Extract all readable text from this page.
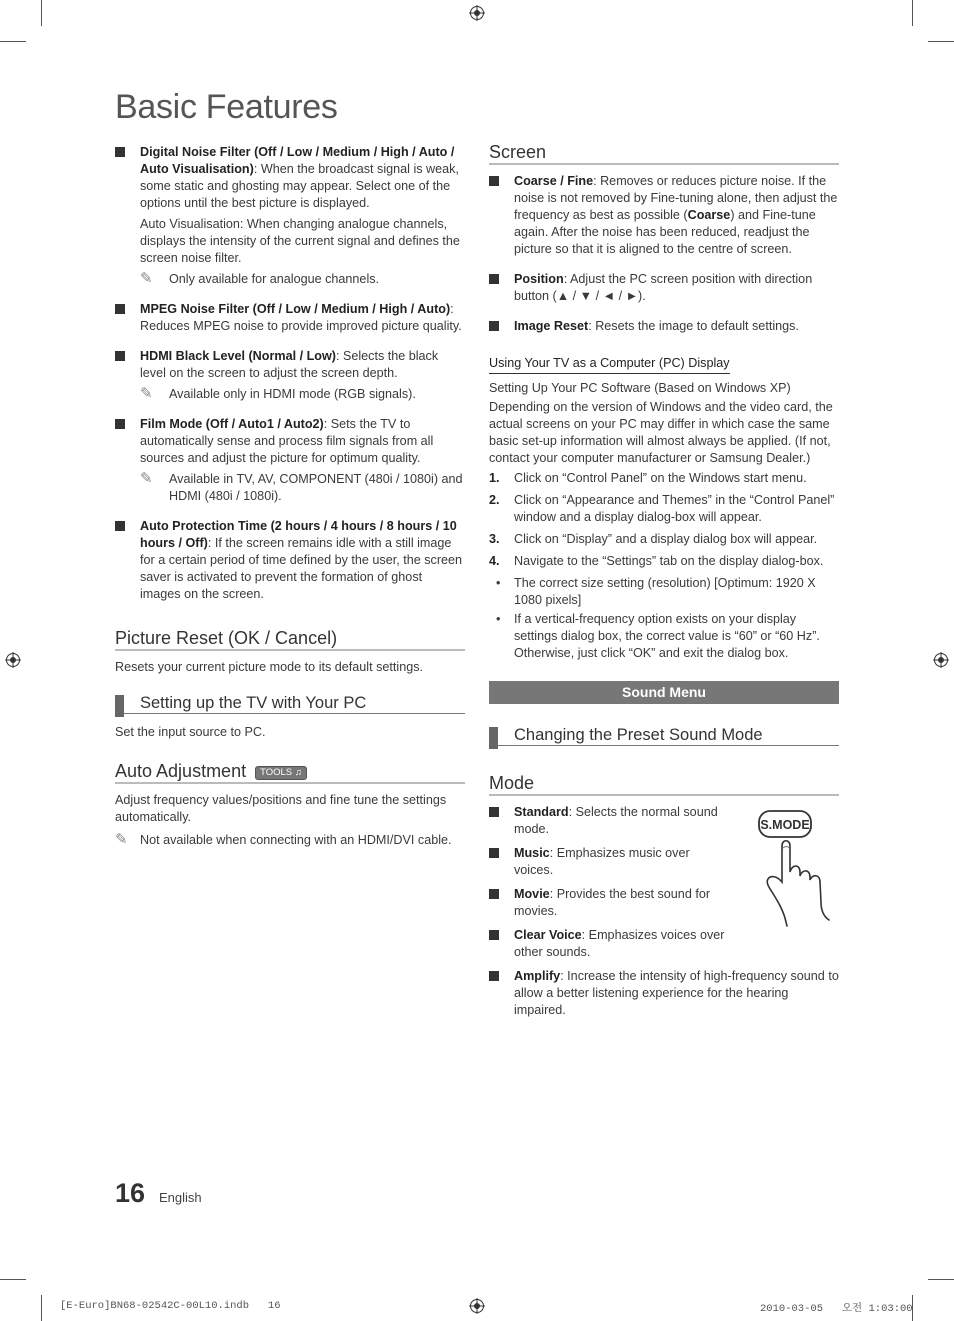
Basic Features

Digital Noise Filter (Off / Low / Medium / High / Auto / Auto Visualisation): When the broadcast signal is weak, some static and ghosting may appear. Select one of the options until the best picture is displayed.

Auto Visualisation: When changing analogue channels, displays the intensity of the current signal and defines the screen noise filter.

✎ Only available for analogue channels.

MPEG Noise Filter (Off / Low / Medium / High / Auto): Reduces MPEG noise to provide improved picture quality.

HDMI Black Level (Normal / Low): Selects the black level on the screen to adjust the screen depth.

✎ Available only in HDMI mode (RGB signals).

Film Mode (Off / Auto1 / Auto2): Sets the TV to automatically sense and process film signals from all sources and adjust the picture for optimum quality.

✎ Available in TV, AV, COMPONENT (480i / 1080i) and HDMI (480i / 1080i).

Auto Protection Time (2 hours / 4 hours / 8 hours / 10 hours / Off): If the screen remains idle with a still image for a certain period of time defined by the user, the screen saver is activated to prevent the formation of ghost images on the screen.

Picture Reset (OK / Cancel)

Resets your current picture mode to its default settings.

Setting up the TV with Your PC

Set the input source to PC.

Auto Adjustment TOOLS ♫

Adjust frequency values/positions and fine tune the settings automatically.

✎ Not available when connecting with an HDMI/DVI cable.
Screen

Coarse / Fine: Removes or reduces picture noise. If the noise is not removed by Fine-tuning alone, then adjust the frequency as best as possible (Coarse) and Fine-tune again. After the noise has been reduced, readjust the picture so that it is aligned to the centre of screen.

Position: Adjust the PC screen position with direction button (▲ / ▼ / ◄ / ►).

Image Reset: Resets the image to default settings.

Using Your TV as a Computer (PC) Display

Setting Up Your PC Software (Based on Windows XP)

Depending on the version of Windows and the video card, the actual screens on your PC may differ in which case the same basic set-up information will almost always be applied. (If not, contact your computer manufacturer or Samsung Dealer.)

1. Click on “Control Panel” on the Windows start menu.
2. Click on “Appearance and Themes” in the “Control Panel” window and a display dialog-box will appear.
3. Click on “Display” and a display dialog box will appear.
4. Navigate to the “Settings” tab on the display dialog-box.
• The correct size setting (resolution) [Optimum: 1920 X 1080 pixels]
• If a vertical-frequency option exists on your display settings dialog box, the correct value is “60” or “60 Hz”. Otherwise, just click “OK” and exit the dialog box.
Sound Menu
Changing the Preset Sound Mode
Mode
S.MODE

Standard: Selects the normal sound mode.

Music: Emphasizes music over voices.

Movie: Provides the best sound for movies.

Clear Voice: Emphasizes voices over other sounds.

Amplify: Increase the intensity of high-frequency sound to allow a better listening experience for the hearing impaired.

16 English
[E-Euro]BN68-02542C-00L10.indb   16	2010-03-05   오전 1:03:00
